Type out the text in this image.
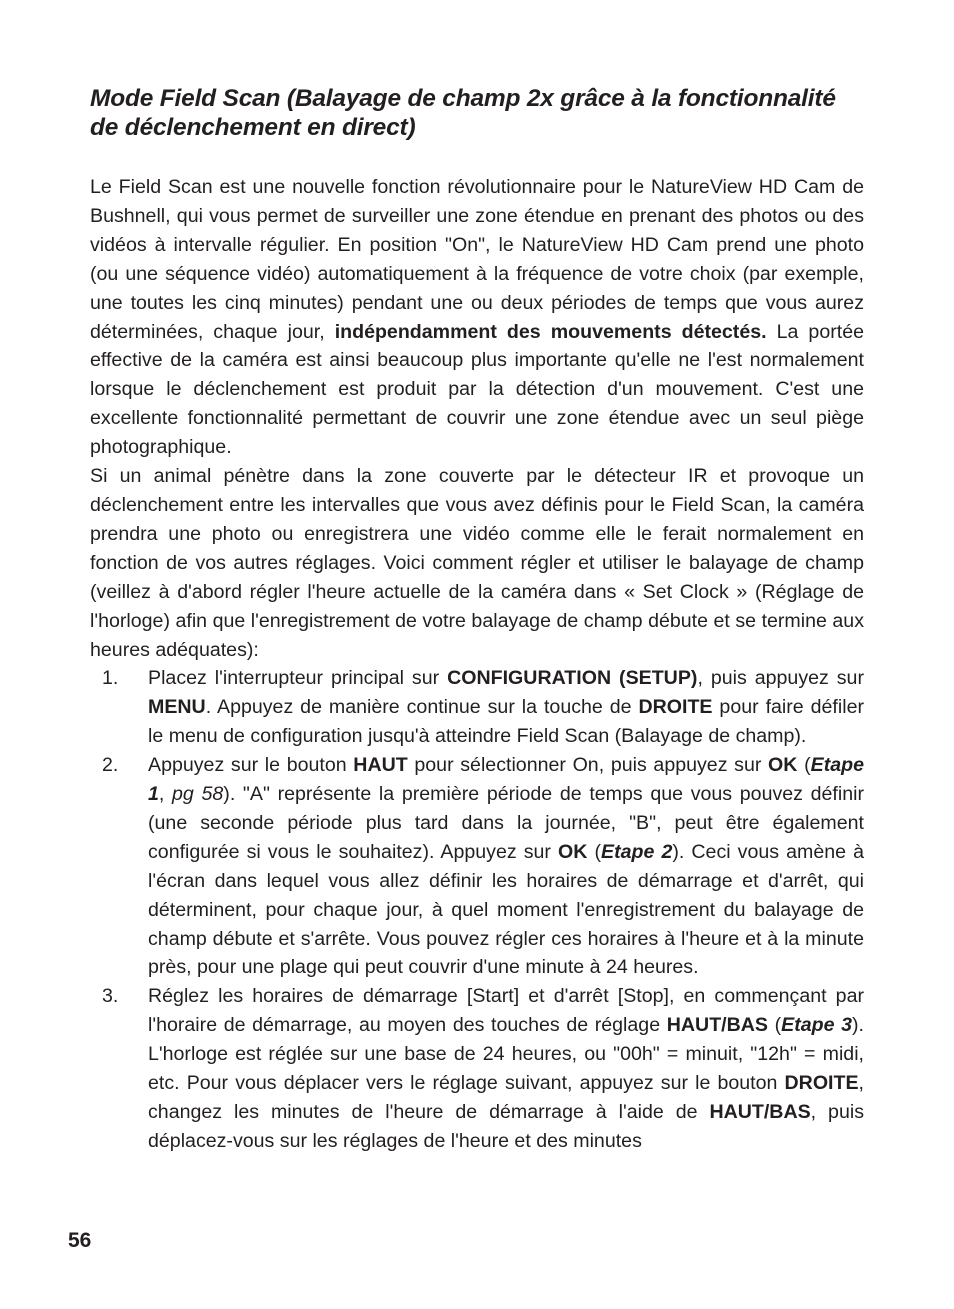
Mode Field Scan (Balayage de champ 2x grâce à la fonctionnalité de déclenchement en direct)

Le Field Scan est une nouvelle fonction révolutionnaire pour le NatureView HD Cam de Bushnell, qui vous permet de surveiller une zone étendue en prenant des photos ou des vidéos à intervalle régulier. En position "On", le NatureView HD Cam prend une photo (ou une séquence vidéo) automatiquement à la fréquence de votre choix (par exemple, une toutes les cinq minutes) pendant une ou deux périodes de temps que vous aurez déterminées, chaque jour, indépendamment des mouvements détectés. La portée effective de la caméra est ainsi beaucoup plus importante qu'elle ne l'est normalement lorsque le déclenchement est produit par la détection d'un mouvement. C'est une excellente fonctionnalité permettant de couvrir une zone étendue avec un seul piège photographique.

Si un animal pénètre dans la zone couverte par le détecteur IR et provoque un déclenchement entre les intervalles que vous avez définis pour le Field Scan, la caméra prendra une photo ou enregistrera une vidéo comme elle le ferait normalement en fonction de vos autres réglages. Voici comment régler et utiliser le balayage de champ (veillez à d'abord régler l'heure actuelle de la caméra dans « Set Clock » (Réglage de l'horloge) afin que l'enregistrement de votre balayage de champ débute et se termine aux heures adéquates):

1. Placez l'interrupteur principal sur CONFIGURATION (SETUP), puis appuyez sur MENU. Appuyez de manière continue sur la touche de DROITE pour faire défiler le menu de configuration jusqu'à atteindre Field Scan (Balayage de champ).
2. Appuyez sur le bouton HAUT pour sélectionner On, puis appuyez sur OK (Etape 1, pg 58). "A" représente la première période de temps que vous pouvez définir (une seconde période plus tard dans la journée, "B", peut être également configurée si vous le souhaitez). Appuyez sur OK (Etape 2). Ceci vous amène à l'écran dans lequel vous allez définir les horaires de démarrage et d'arrêt, qui déterminent, pour chaque jour, à quel moment l'enregistrement du balayage de champ débute et s'arrête. Vous pouvez régler ces horaires à l'heure et à la minute près, pour une plage qui peut couvrir d'une minute à 24 heures.
3. Réglez les horaires de démarrage [Start] et d'arrêt [Stop], en commençant par l'horaire de démarrage, au moyen des touches de réglage HAUT/BAS (Etape 3). L'horloge est réglée sur une base de 24 heures, ou "00h" = minuit, "12h" = midi, etc. Pour vous déplacer vers le réglage suivant, appuyez sur le bouton DROITE, changez les minutes de l'heure de démarrage à l'aide de HAUT/BAS, puis déplacez-vous sur les réglages de l'heure et des minutes
56
